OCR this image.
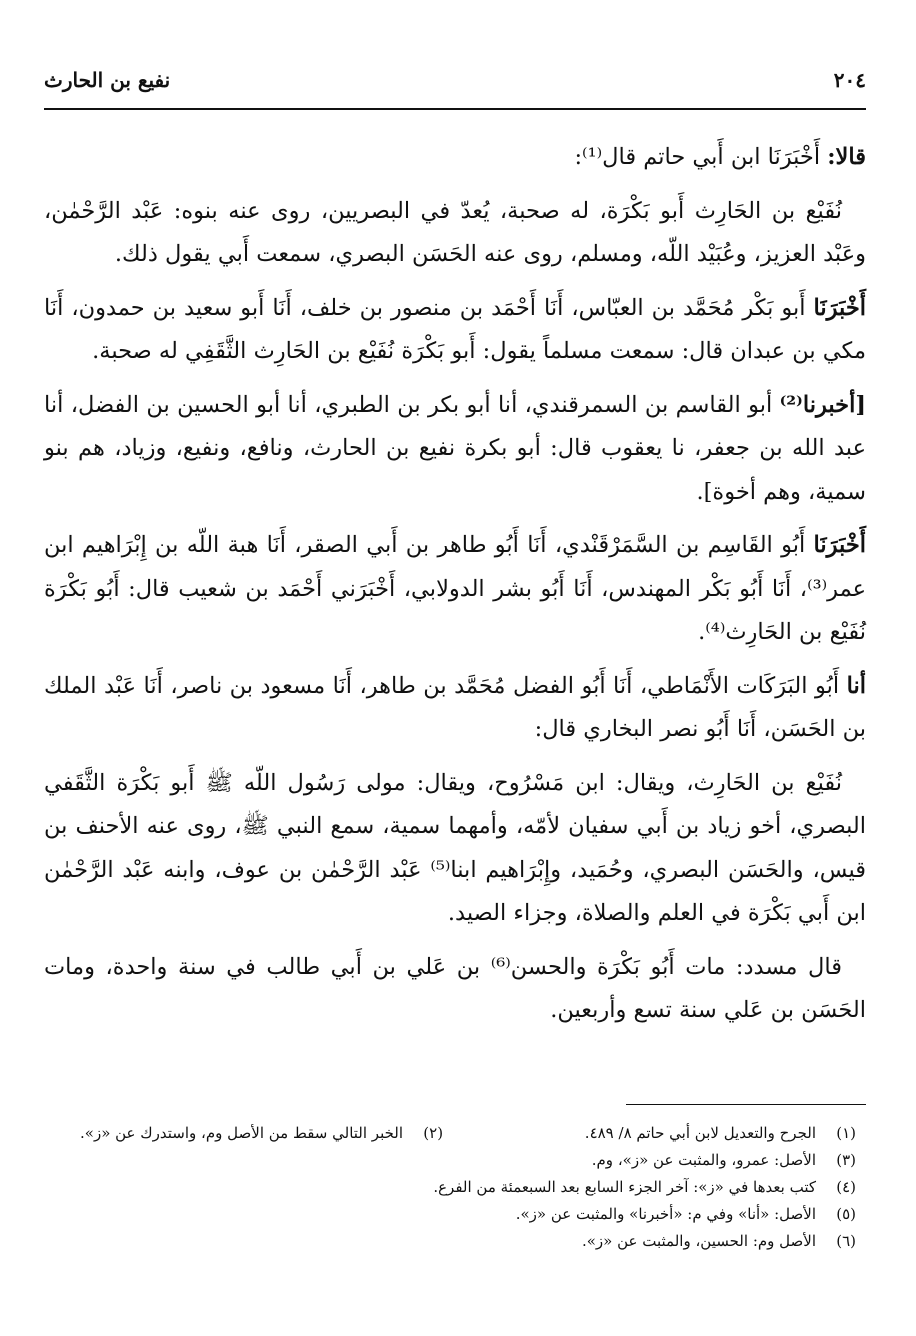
٢٠٤
نفيع بن الحارث

قالا: أَخْبَرَنَا ابن أَبي حاتم قال⁽¹⁾:

نُفَيْع بن الحَارِث أَبو بَكْرَة، له صحبة، يُعدّ في البصريين، روى عنه بنوه: عَبْد الرَّحْمٰن، وعَبْد العزيز، وعُبَيْد اللّه، ومسلم، روى عنه الحَسَن البصري، سمعت أَبي يقول ذلك.

أَخْبَرَنَا أَبو بَكْر مُحَمَّد بن العبّاس، أَنَا أَحْمَد بن منصور بن خلف، أَنَا أَبو سعيد بن حمدون، أَنَا مكي بن عبدان قال: سمعت مسلماً يقول: أَبو بَكْرَة نُفَيْع بن الحَارِث الثَّقَفِي له صحبة.

[أخبرنا⁽²⁾ أبو القاسم بن السمرقندي، أنا أبو بكر بن الطبري، أنا أبو الحسين بن الفضل، أنا عبد الله بن جعفر، نا يعقوب قال: أبو بكرة نفيع بن الحارث، ونافع، ونفيع، وزياد، هم بنو سمية، وهم أخوة].

أَخْبَرَنَا أَبُو القَاسِم بن السَّمَرْقَنْدي، أَنَا أَبُو طاهر بن أَبي الصقر، أَنَا هبة اللّه بن إِبْرَاهيم ابن عمر⁽³⁾، أَنَا أَبُو بَكْر المهندس، أَنَا أَبُو بشر الدولابي، أَخْبَرَني أَحْمَد بن شعيب قال: أَبُو بَكْرَة نُفَيْع بن الحَارِث⁽⁴⁾.

أنا أَبُو البَرَكَات الأَنْمَاطي، أَنَا أَبُو الفضل مُحَمَّد بن طاهر، أَنَا مسعود بن ناصر، أَنَا عَبْد الملك بن الحَسَن، أَنَا أَبُو نصر البخاري قال:

نُفَيْع بن الحَارِث، ويقال: ابن مَسْرُوح، ويقال: مولى رَسُول اللّه ﷺ أَبو بَكْرَة الثَّقَفي البصري، أخو زياد بن أَبي سفيان لأمّه، وأمهما سمية، سمع النبي ﷺ، روى عنه الأحنف بن قيس، والحَسَن البصري، وحُمَيد، وإِبْرَاهيم ابنا⁽⁵⁾ عَبْد الرَّحْمٰن بن عوف، وابنه عَبْد الرَّحْمٰن ابن أَبي بَكْرَة في العلم والصلاة، وجزاء الصيد.

قال مسدد: مات أَبُو بَكْرَة والحسن⁽⁶⁾ بن عَلي بن أَبي طالب في سنة واحدة، ومات الحَسَن بن عَلي سنة تسع وأربعين.

(١)
الجرح والتعديل لابن أبي حاتم ٨/ ٤٨٩.
(٢)
الخبر التالي سقط من الأصل وم، واستدرك عن «ز».
(٣)
الأصل: عمرو، والمثبت عن «ز»، وم.
(٤)
كتب بعدها في «ز»: آخر الجزء السابع بعد السبعمئة من الفرع.
(٥)
الأصل: «أنا» وفي م: «أخبرنا» والمثبت عن «ز».
(٦)
الأصل وم: الحسين، والمثبت عن «ز».
